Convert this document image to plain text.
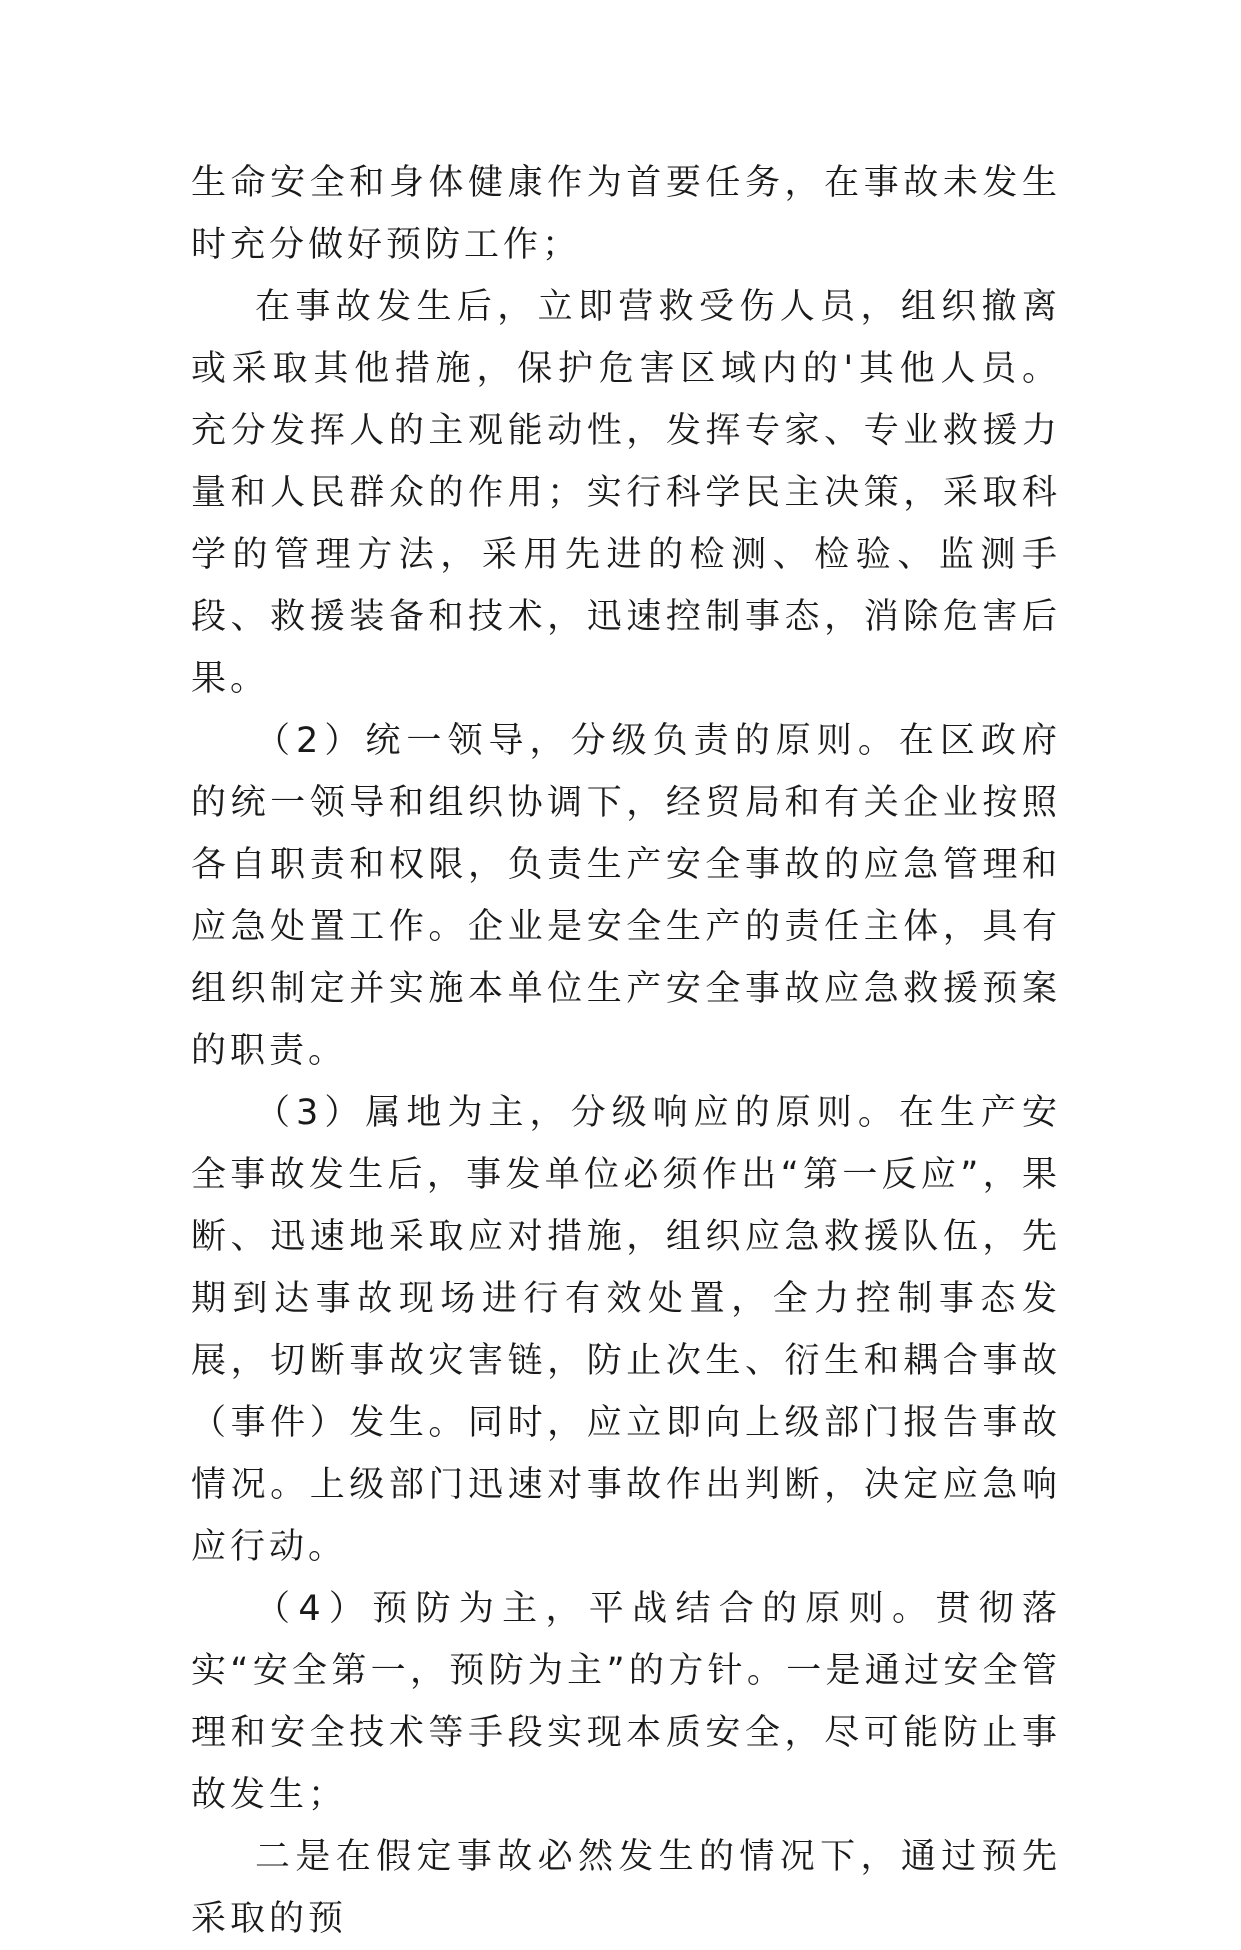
生命安全和身体健康作为首要任务，在事故未发生时充分做好预防工作；

在事故发生后，立即营救受伤人员，组织撤离或采取其他措施，保护危害区域内的'其他人员。充分发挥人的主观能动性，发挥专家、专业救援力量和人民群众的作用；实行科学民主决策，采取科学的管理方法，采用先进的检测、检验、监测手段、救援装备和技术，迅速控制事态，消除危害后果。

（2）统一领导，分级负责的原则。在区政府的统一领导和组织协调下，经贸局和有关企业按照各自职责和权限，负责生产安全事故的应急管理和应急处置工作。企业是安全生产的责任主体，具有组织制定并实施本单位生产安全事故应急救援预案的职责。

（3）属地为主，分级响应的原则。在生产安全事故发生后，事发单位必须作出“第一反应”，果断、迅速地采取应对措施，组织应急救援队伍，先期到达事故现场进行有效处置，全力控制事态发展，切断事故灾害链，防止次生、衍生和耦合事故（事件）发生。同时，应立即向上级部门报告事故情况。上级部门迅速对事故作出判断，决定应急响应行动。

（4）预防为主，平战结合的原则。贯彻落实“安全第一，预防为主”的方针。一是通过安全管理和安全技术等手段实现本质安全，尽可能防止事故发生；

二是在假定事故必然发生的情况下，通过预先采取的预
